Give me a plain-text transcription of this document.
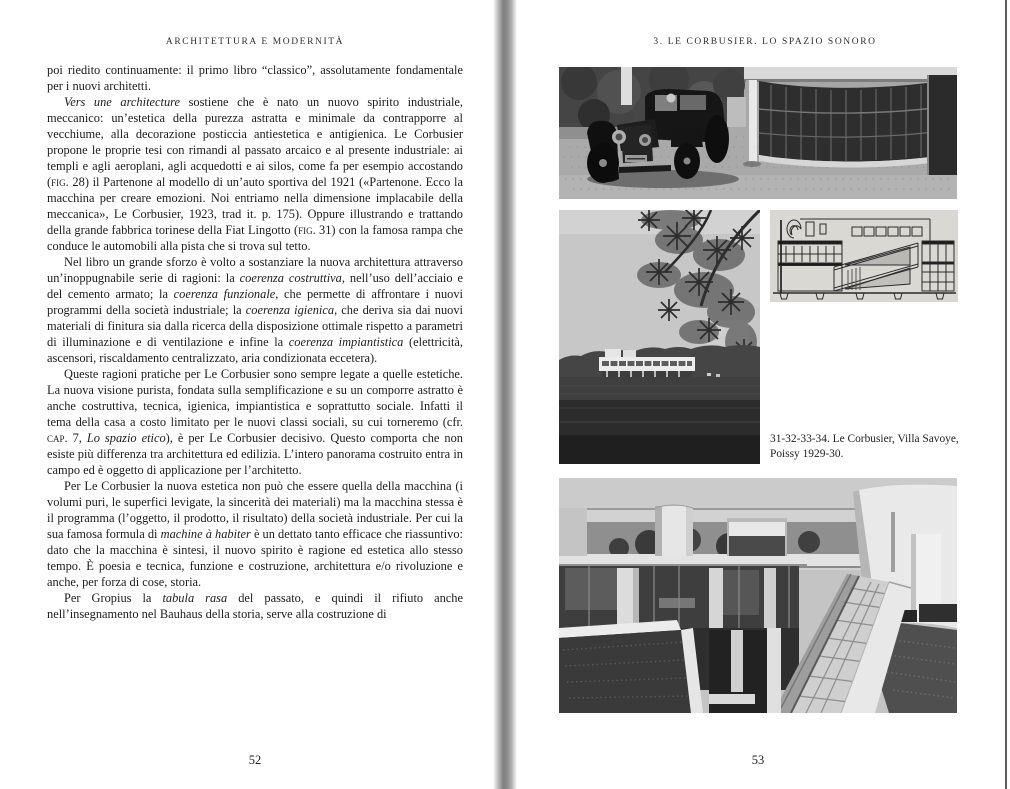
ARCHITETTURA E MODERNITÀ

poi riedito continuamente: il primo libro “classico”, assolutamente fondamentale per i nuovi architetti.

Vers une architecture sostiene che è nato un nuovo spirito industriale, meccanico: un’estetica della purezza astratta e minimale da contrapporre al vecchiume, alla decorazione posticcia antiestetica e antigienica. Le Corbusier propone le proprie tesi con rimandi al passato arcaico e al presente industriale: ai templi e agli aeroplani, agli acquedotti e ai silos, come fa per esempio accostando (fig. 28) il Partenone al modello di un’auto sportiva del 1921 («Partenone. Ecco la macchina per creare emozioni. Noi entriamo nella dimensione implacabile della meccanica», Le Corbusier, 1923, trad it. p. 175). Oppure illustrando e trattando della grande fabbrica torinese della Fiat Lingotto (fig. 31) con la famosa rampa che conduce le automobili alla pista che si trova sul tetto.

Nel libro un grande sforzo è volto a sostanziare la nuova architettura attraverso un’inoppugnabile serie di ragioni: la coerenza costruttiva, nell’uso dell’acciaio e del cemento armato; la coerenza funzionale, che permette di affrontare i nuovi programmi della società industriale; la coerenza igienica, che deriva sia dai nuovi materiali di finitura sia dalla ricerca della disposizione ottimale rispetto a parametri di illuminazione e di ventilazione e infine la coerenza impiantistica (elettricità, ascensori, riscaldamento centralizzato, aria condizionata eccetera).

Queste ragioni pratiche per Le Corbusier sono sempre legate a quelle estetiche. La nuova visione purista, fondata sulla semplificazione e su un comporre astratto è anche costruttiva, tecnica, igienica, impiantistica e soprattutto sociale. Infatti il tema della casa a costo limitato per le nuovi classi sociali, su cui torneremo (cfr. cap. 7, Lo spazio etico), è per Le Corbusier decisivo. Questo comporta che non esiste più differenza tra architettura ed edilizia. L’intero panorama costruito entra in campo ed è oggetto di applicazione per l’architetto.

Per Le Corbusier la nuova estetica non può che essere quella della macchina (i volumi puri, le superfici levigate, la sincerità dei materiali) ma la macchina stessa è il programma (l’oggetto, il prodotto, il risultato) della società industriale. Per cui la sua famosa formula di machine à habiter è un dettato tanto efficace che riassuntivo: dato che la macchina è sintesi, il nuovo spirito è ragione ed estetica allo stesso tempo. È poesia e tecnica, funzione e costruzione, architettura e/o rivoluzione e anche, per forza di cose, storia.

Per Gropius la tabula rasa del passato, e quindi il rifiuto anche nell’insegnamento nel Bauhaus della storia, serve alla costruzione di

52
3. LE CORBUSIER. LO SPAZIO SONORO
31-32-33-34. Le Corbusier, Villa Savoye, Poissy 1929-30.
53
